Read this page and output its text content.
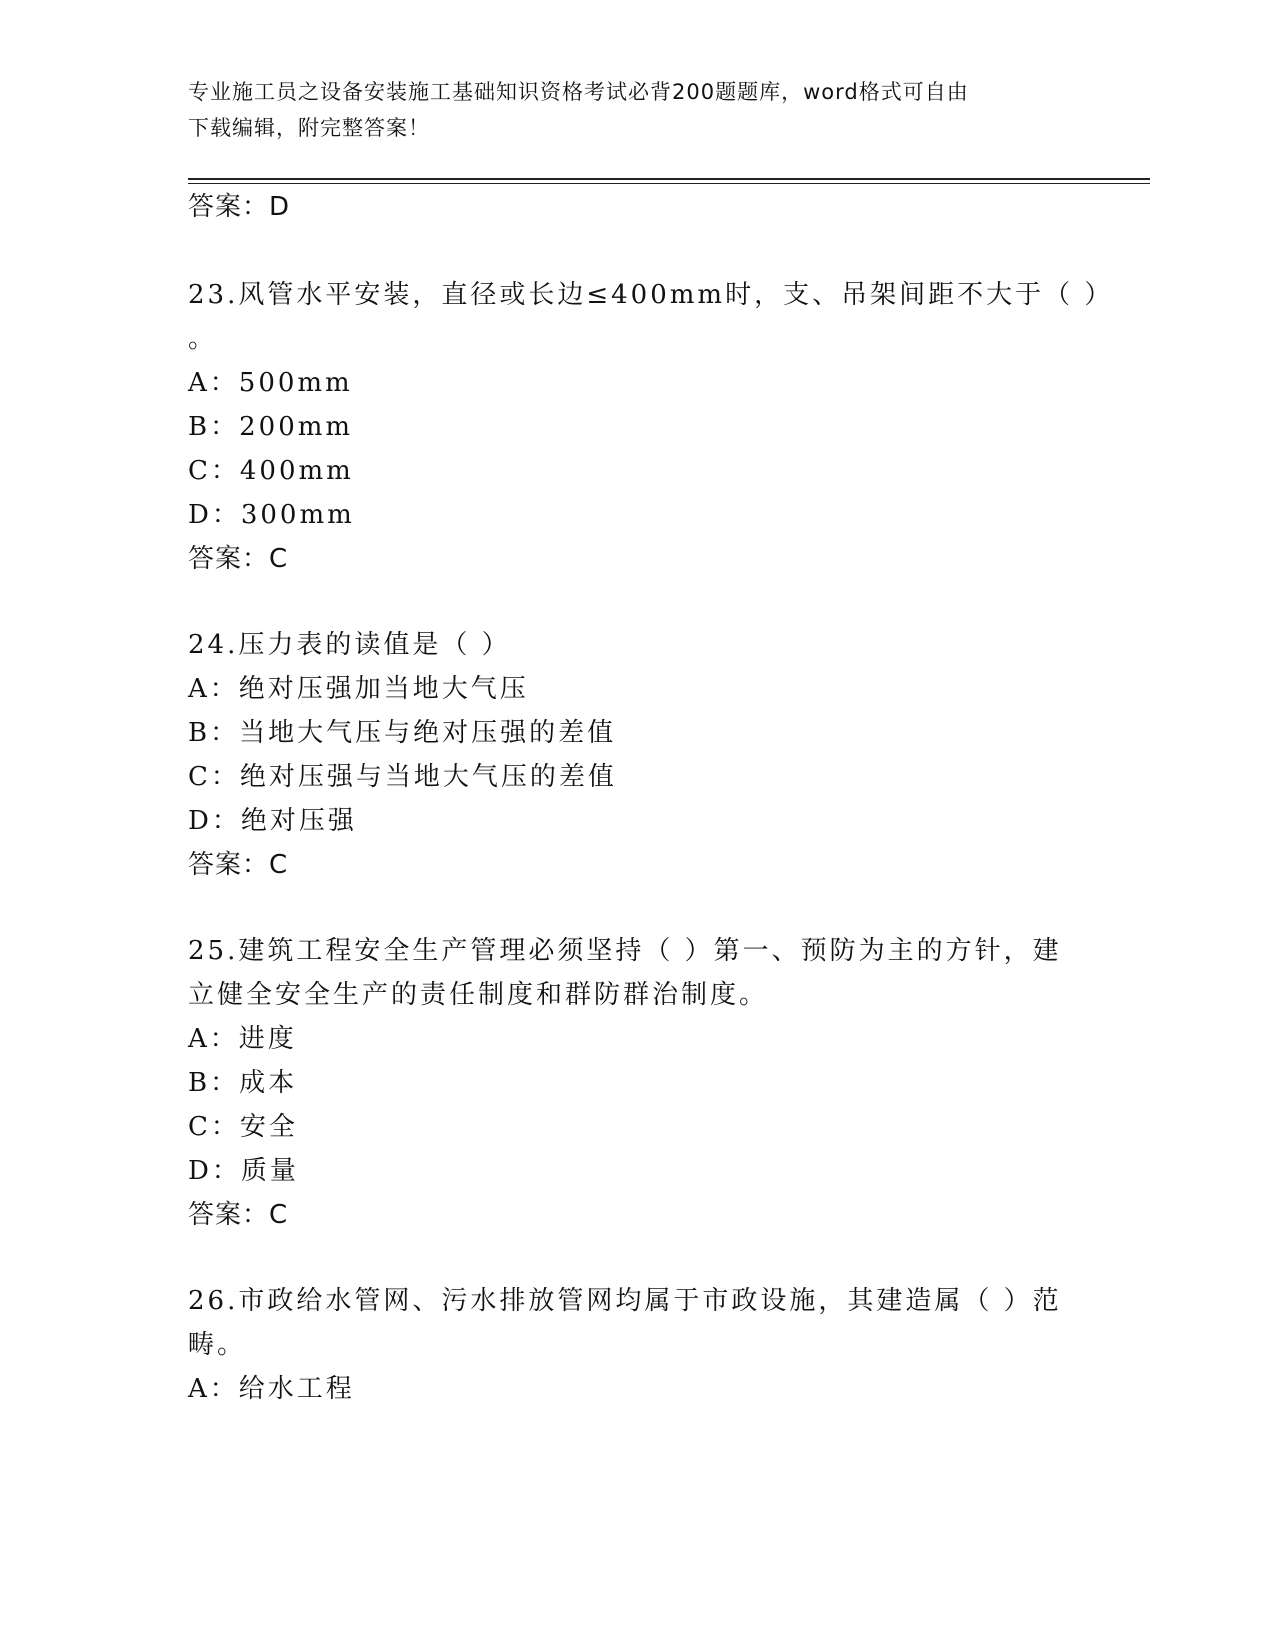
专业施工员之设备安装施工基础知识资格考试必背200题题库，word格式可自由
下载编辑，附完整答案！
答案：D
23.风管水平安装，直径或长边≤400mm时，支、吊架间距不大于（ ）
。
A：500mm
B：200mm
C：400mm
D：300mm
答案：C
24.压力表的读值是（ ）
A：绝对压强加当地大气压
B：当地大气压与绝对压强的差值
C：绝对压强与当地大气压的差值
D：绝对压强
答案：C
25.建筑工程安全生产管理必须坚持（ ）第一、预防为主的方针，建
立健全安全生产的责任制度和群防群治制度。
A：进度
B：成本
C：安全
D：质量
答案：C
26.市政给水管网、污水排放管网均属于市政设施，其建造属（ ）范
畴。
A：给水工程
